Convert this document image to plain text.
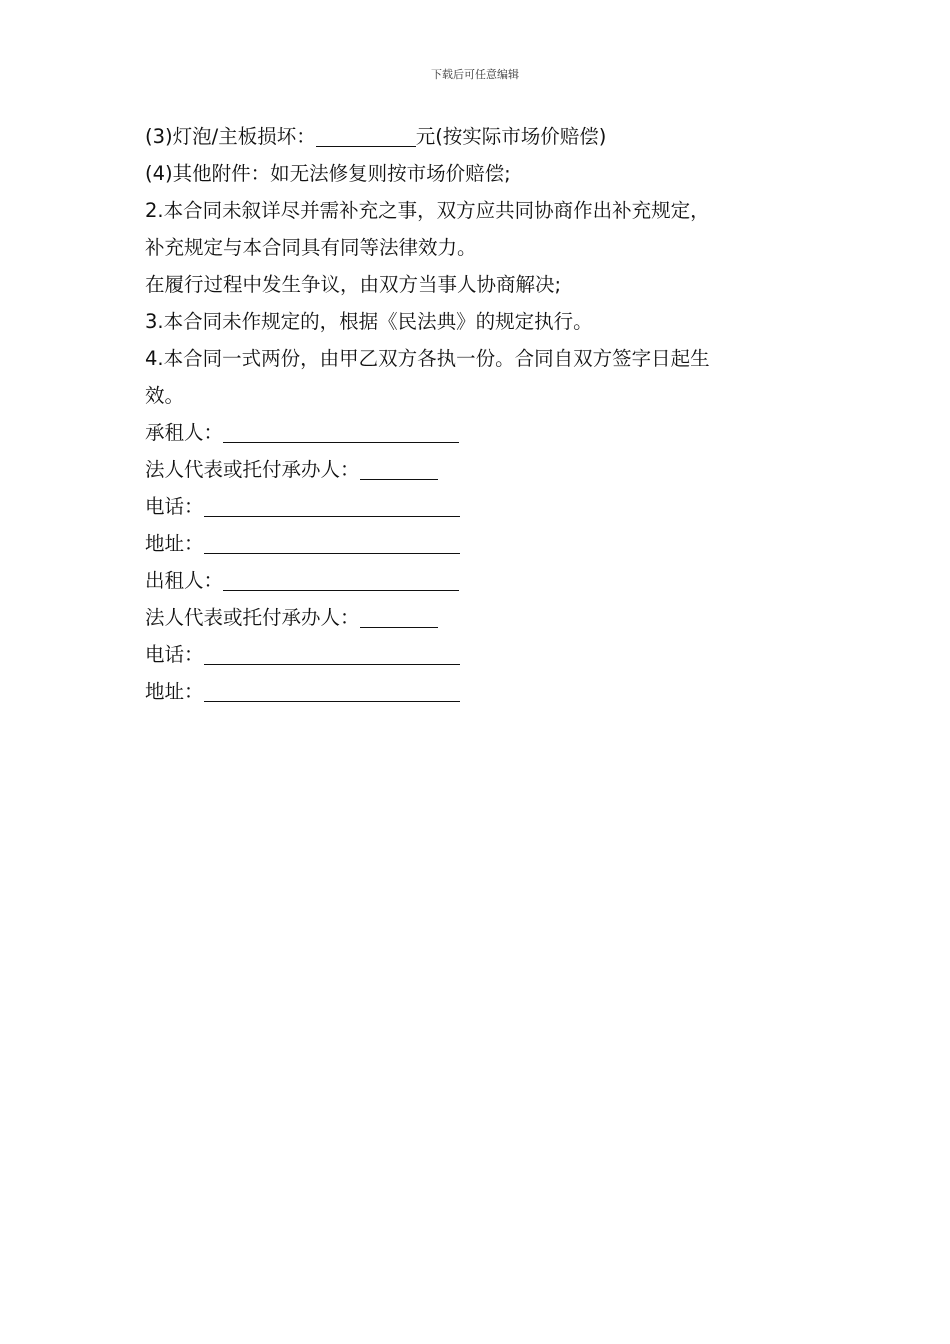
下载后可任意编辑
(3)灯泡/主板损坏：	元(按实际市场价赔偿)
(4)其他附件：如无法修复则按市场价赔偿;
2.本合同未叙详尽并需补充之事，双方应共同协商作出补充规定，
补充规定与本合同具有同等法律效力。
在履行过程中发生争议，由双方当事人协商解决;
3.本合同未作规定的，根据《民法典》的规定执行。
4.本合同一式两份，由甲乙双方各执一份。合同自双方签字日起生
效。
承租人：
法人代表或托付承办人：
电话：
地址：
出租人：
法人代表或托付承办人：
电话：
地址：
